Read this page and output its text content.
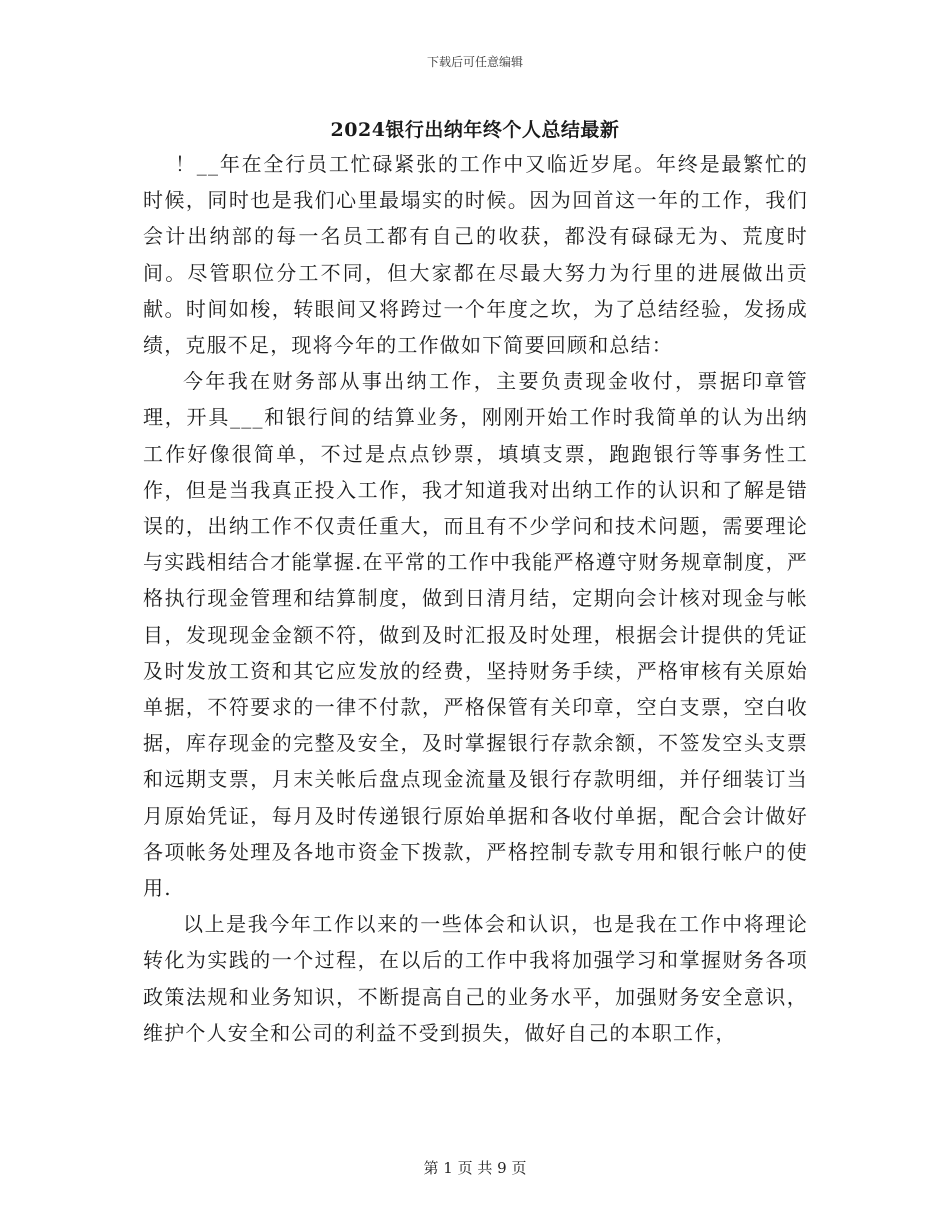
下载后可任意编辑
2024银行出纳年终个人总结最新

！__年在全行员工忙碌紧张的工作中又临近岁尾。年终是最繁忙的时候，同时也是我们心里最塌实的时候。因为回首这一年的工作，我们会计出纳部的每一名员工都有自己的收获，都没有碌碌无为、荒度时间。尽管职位分工不同，但大家都在尽最大努力为行里的进展做出贡献。时间如梭，转眼间又将跨过一个年度之坎，为了总结经验，发扬成绩，克服不足，现将今年的工作做如下简要回顾和总结：

今年我在财务部从事出纳工作，主要负责现金收付，票据印章管理，开具___和银行间的结算业务，刚刚开始工作时我简单的认为出纳工作好像很简单，不过是点点钞票，填填支票，跑跑银行等事务性工作，但是当我真正投入工作，我才知道我对出纳工作的认识和了解是错误的，出纳工作不仅责任重大，而且有不少学问和技术问题，需要理论与实践相结合才能掌握.在平常的工作中我能严格遵守财务规章制度，严格执行现金管理和结算制度，做到日清月结，定期向会计核对现金与帐目，发现现金金额不符，做到及时汇报及时处理，根据会计提供的凭证及时发放工资和其它应发放的经费，坚持财务手续，严格审核有关原始单据，不符要求的一律不付款，严格保管有关印章，空白支票，空白收据，库存现金的完整及安全，及时掌握银行存款余额，不签发空头支票和远期支票，月末关帐后盘点现金流量及银行存款明细，并仔细装订当月原始凭证，每月及时传递银行原始单据和各收付单据，配合会计做好各项帐务处理及各地市资金下拨款，严格控制专款专用和银行帐户的使用.

以上是我今年工作以来的一些体会和认识，也是我在工作中将理论转化为实践的一个过程，在以后的工作中我将加强学习和掌握财务各项政策法规和业务知识，不断提高自己的业务水平，加强财务安全意识，维护个人安全和公司的利益不受到损失，做好自己的本职工作，

第 1 页 共 9 页
